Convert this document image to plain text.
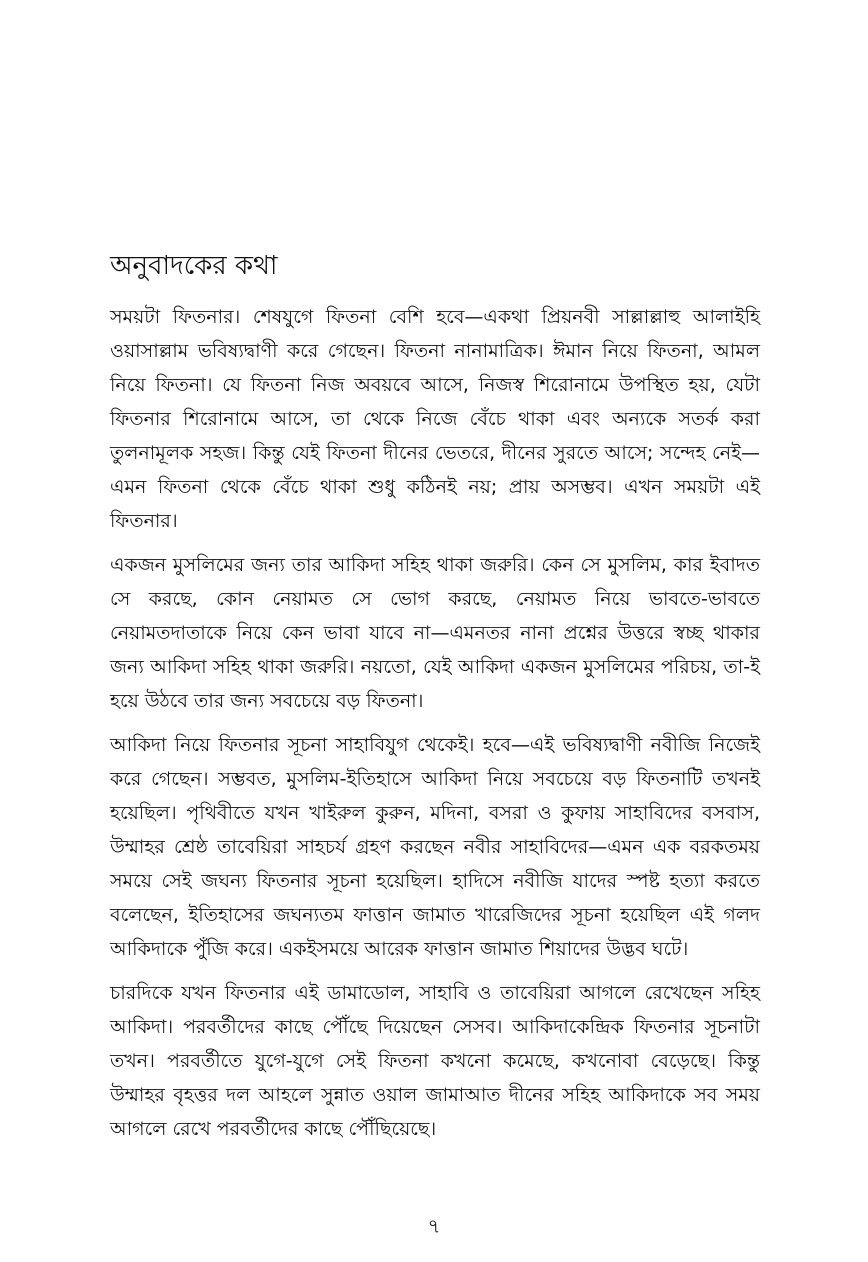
অনুবাদকের কথা

সময়টা ফিতনার। শেষযুগে ফিতনা বেশি হবে—একথা প্রিয়নবী সাল্লাল্লাহু আলাইহি ওয়াসাল্লাম ভবিষ্যদ্বাণী করে গেছেন। ফিতনা নানামাত্রিক। ঈমান নিয়ে ফিতনা, আমল নিয়ে ফিতনা। যে ফিতনা নিজ অবয়বে আসে, নিজস্ব শিরোনামে উপস্থিত হয়, যেটা ফিতনার শিরোনামে আসে, তা থেকে নিজে বেঁচে থাকা এবং অন্যকে সতর্ক করা তুলনামূলক সহজ। কিন্তু যেই ফিতনা দীনের ভেতরে, দীনের সুরতে আসে; সন্দেহ নেই—এমন ফিতনা থেকে বেঁচে থাকা শুধু কঠিনই নয়; প্রায় অসম্ভব। এখন সময়টা এই ফিতনার।

একজন মুসলিমের জন্য তার আকিদা সহিহ থাকা জরুরি। কেন সে মুসলিম, কার ইবাদত সে করছে, কোন নেয়ামত সে ভোগ করছে, নেয়ামত নিয়ে ভাবতে-ভাবতে নেয়ামতদাতাকে নিয়ে কেন ভাবা যাবে না—এমনতর নানা প্রশ্নের উত্তরে স্বচ্ছ থাকার জন্য আকিদা সহিহ থাকা জরুরি। নয়তো, যেই আকিদা একজন মুসলিমের পরিচয়, তা-ই হয়ে উঠবে তার জন্য সবচেয়ে বড় ফিতনা।

আকিদা নিয়ে ফিতনার সূচনা সাহাবিযুগ থেকেই। হবে—এই ভবিষ্যদ্বাণী নবীজি নিজেই করে গেছেন। সম্ভবত, মুসলিম-ইতিহাসে আকিদা নিয়ে সবচেয়ে বড় ফিতনাটি তখনই হয়েছিল। পৃথিবীতে যখন খাইরুল কুরুন, মদিনা, বসরা ও কুফায় সাহাবিদের বসবাস, উম্মাহর শ্রেষ্ঠ তাবেয়িরা সাহচর্য গ্রহণ করছেন নবীর সাহাবিদের—এমন এক বরকতময় সময়ে সেই জঘন্য ফিতনার সূচনা হয়েছিল। হাদিসে নবীজি যাদের স্পষ্ট হত্যা করতে বলেছেন, ইতিহাসের জঘন্যতম ফাত্তান জামাত খারেজিদের সূচনা হয়েছিল এই গলদ আকিদাকে পুঁজি করে। একইসময়ে আরেক ফাত্তান জামাত শিয়াদের উদ্ভব ঘটে।

চারদিকে যখন ফিতনার এই ডামাডোল, সাহাবি ও তাবেয়িরা আগলে রেখেছেন সহিহ আকিদা। পরবর্তীদের কাছে পৌঁছে দিয়েছেন সেসব। আকিদাকেন্দ্রিক ফিতনার সূচনাটা তখন। পরবর্তীতে যুগে-যুগে সেই ফিতনা কখনো কমেছে, কখনোবা বেড়েছে। কিন্তু উম্মাহর বৃহত্তর দল আহলে সুন্নাত ওয়াল জামাআত দীনের সহিহ আকিদাকে সব সময় আগলে রেখে পরবর্তীদের কাছে পৌঁছিয়েছে।

৭
